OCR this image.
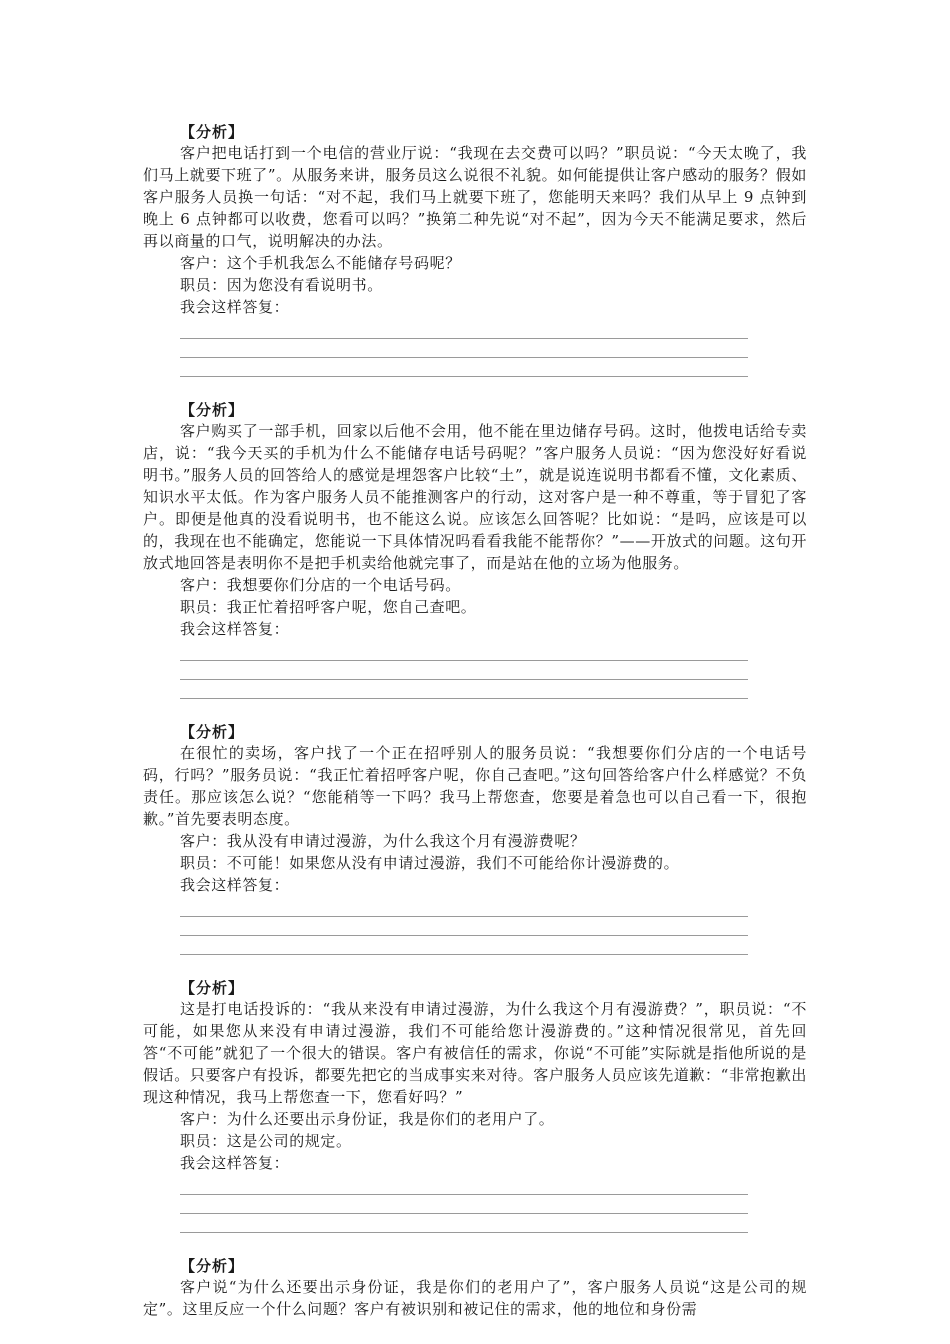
【分析】

客户把电话打到一个电信的营业厅说：“我现在去交费可以吗？”职员说：“今天太晚了，我们马上就要下班了”。从服务来讲，服务员这么说很不礼貌。如何能提供让客户感动的服务？假如客户服务人员换一句话：“对不起，我们马上就要下班了，您能明天来吗？我们从早上 9 点钟到晚上 6 点钟都可以收费，您看可以吗？”换第二种先说“对不起”，因为今天不能满足要求，然后再以商量的口气，说明解决的办法。

客户：这个手机我怎么不能储存号码呢？
职员：因为您没有看说明书。
我会这样答复：
【分析】

客户购买了一部手机，回家以后他不会用，他不能在里边储存号码。这时，他拨电话给专卖店，说：“我今天买的手机为什么不能储存电话号码呢？”客户服务人员说：“因为您没好好看说明书。”服务人员的回答给人的感觉是埋怨客户比较“土”，就是说连说明书都看不懂，文化素质、知识水平太低。作为客户服务人员不能推测客户的行动，这对客户是一种不尊重，等于冒犯了客户。即便是他真的没看说明书，也不能这么说。应该怎么回答呢？比如说：“是吗，应该是可以的，我现在也不能确定，您能说一下具体情况吗看看我能不能帮你？”——开放式的问题。这句开放式地回答是表明你不是把手机卖给他就完事了，而是站在他的立场为他服务。

客户：我想要你们分店的一个电话号码。
职员：我正忙着招呼客户呢，您自己查吧。
我会这样答复：
【分析】

在很忙的卖场，客户找了一个正在招呼别人的服务员说：“我想要你们分店的一个电话号码，行吗？”服务员说：“我正忙着招呼客户呢，你自己查吧。”这句回答给客户什么样感觉？不负责任。那应该怎么说？“您能稍等一下吗？我马上帮您查，您要是着急也可以自己看一下，很抱歉。”首先要表明态度。

客户：我从没有申请过漫游，为什么我这个月有漫游费呢？
职员：不可能！如果您从没有申请过漫游，我们不可能给你计漫游费的。
我会这样答复：
【分析】

这是打电话投诉的：“我从来没有申请过漫游，为什么我这个月有漫游费？”，职员说：“不可能，如果您从来没有申请过漫游，我们不可能给您计漫游费的。”这种情况很常见，首先回答“不可能”就犯了一个很大的错误。客户有被信任的需求，你说“不可能”实际就是指他所说的是假话。只要客户有投诉，都要先把它的当成事实来对待。客户服务人员应该先道歉：“非常抱歉出现这种情况，我马上帮您查一下，您看好吗？”

客户：为什么还要出示身份证，我是你们的老用户了。
职员：这是公司的规定。
我会这样答复：
【分析】

客户说“为什么还要出示身份证，我是你们的老用户了”，客户服务人员说“这是公司的规定”。这里反应一个什么问题？客户有被识别和被记住的需求，他的地位和身份需
